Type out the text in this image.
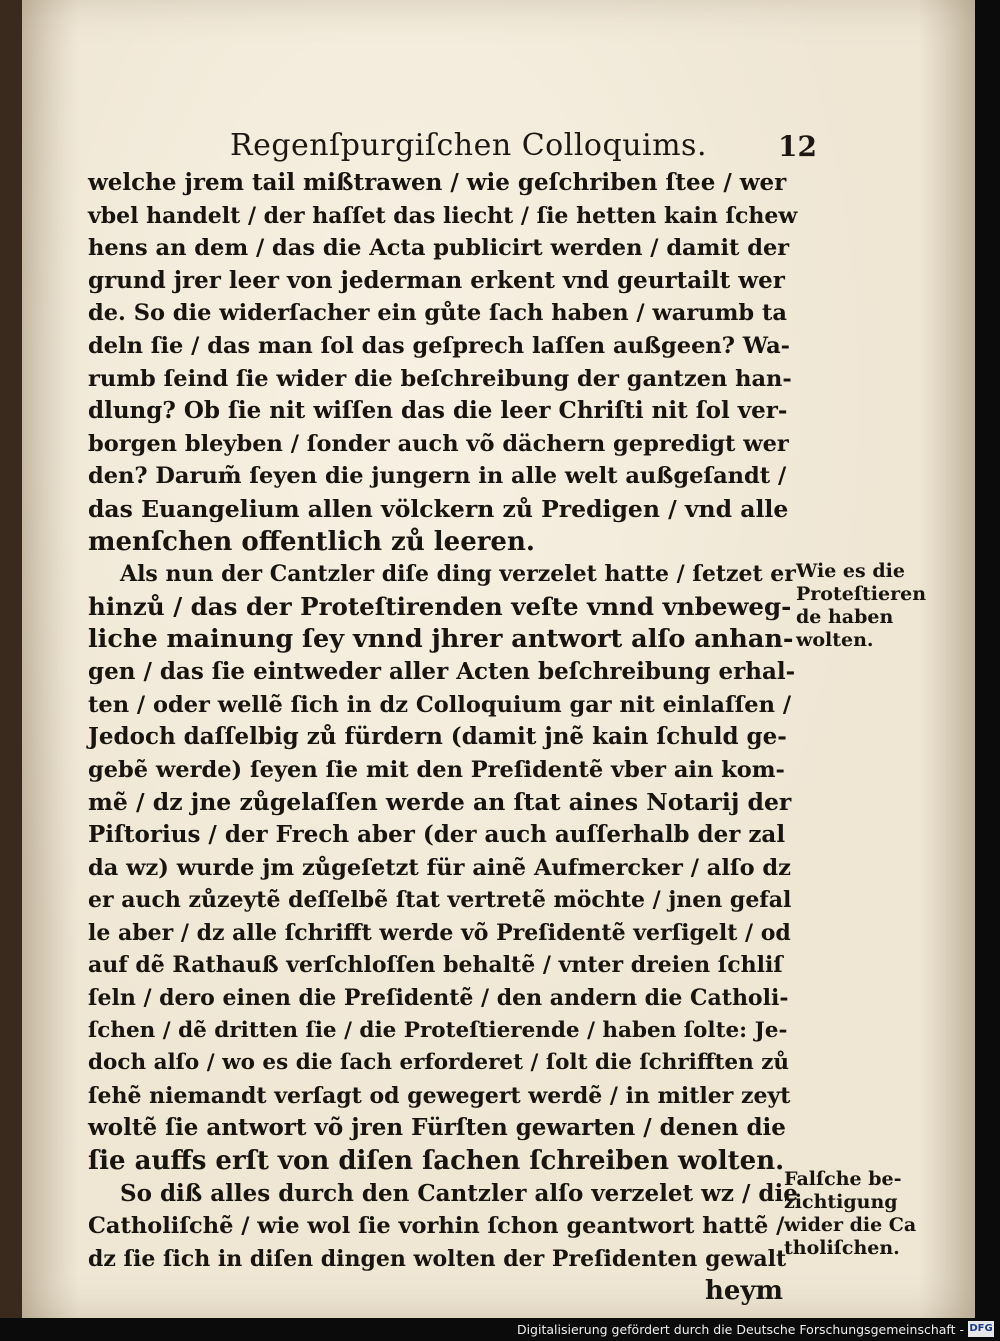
Regenſpurgiſchen Colloquims.	12
welche jrem tail mißtrawen / wie geſchriben ſtee / wer
vbel handelt / der haſſet das liecht / ſie hetten kain ſchew
hens an dem / das die Acta publicirt werden / damit der
grund jrer leer von jederman erkent vnd geurtailt wer
de. So die widerſacher ein gůte ſach haben / warumb ta
deln ſie / das man ſol das geſprech laſſen außgeen? Wa-
rumb ſeind ſie wider die beſchreibung der gantzen han-
dlung? Ob ſie nit wiſſen das die leer Chriſti nit ſol ver-
borgen bleyben / ſonder auch võ dächern gepredigt wer
den? Darum̃ ſeyen die jungern in alle welt außgeſandt /
das Euangelium allen völckern zů Predigen / vnd alle
menſchen offentlich zů leeren.
Als nun der Cantzler diſe ding verzelet hatte / ſetzet er
hinzů / das der Proteſtirenden veſte vnnd vnbeweg-
liche mainung ſey vnnd jhrer antwort alſo anhan-
gen / das ſie eintweder aller Acten beſchreibung erhal-
ten / oder wellẽ ſich in dz Colloquium gar nit einlaſſen /
Jedoch daſſelbig zů fürdern (damit jnẽ kain ſchuld ge-
gebẽ werde) ſeyen ſie mit den Preſidentẽ vber ain kom-
mẽ / dz jne zůgelaſſen werde an ſtat aines Notarij der
Piſtorius / der Frech aber (der auch auſſerhalb der zal
da wz) wurde jm zůgeſetzt für ainẽ Aufmercker / alſo dz
er auch zůzeytẽ deſſelbẽ ſtat vertretẽ möchte / jnen gefal
le aber / dz alle ſchrifft werde võ Preſidentẽ verſigelt / od
auf dẽ Rathauß verſchloſſen behaltẽ / vnter dreien ſchliſ
ſeln / dero einen die Preſidentẽ / den andern die Catholi-
ſchen / dẽ dritten ſie / die Proteſtierende / haben ſolte: Je-
doch alſo / wo es die ſach erforderet / ſolt die ſchrifften zů
ſehẽ niemandt verſagt od gewegert werdẽ / in mitler zeyt
woltẽ ſie antwort võ jren Fürſten gewarten / denen die
ſie auffs erſt von diſen ſachen ſchreiben wolten.
So diß alles durch den Cantzler alſo verzelet wz / die
Catholiſchẽ / wie wol ſie vorhin ſchon geantwort hattẽ /
dz ſie ſich in diſen dingen wolten der Preſidenten gewalt
heym
Wie es die
Proteſtieren
de haben
wolten.
Falſche be-
zichtigung
wider die Ca
tholiſchen.
Digitalisierung gefördert durch die Deutsche Forschungsgemeinschaft - DFG
